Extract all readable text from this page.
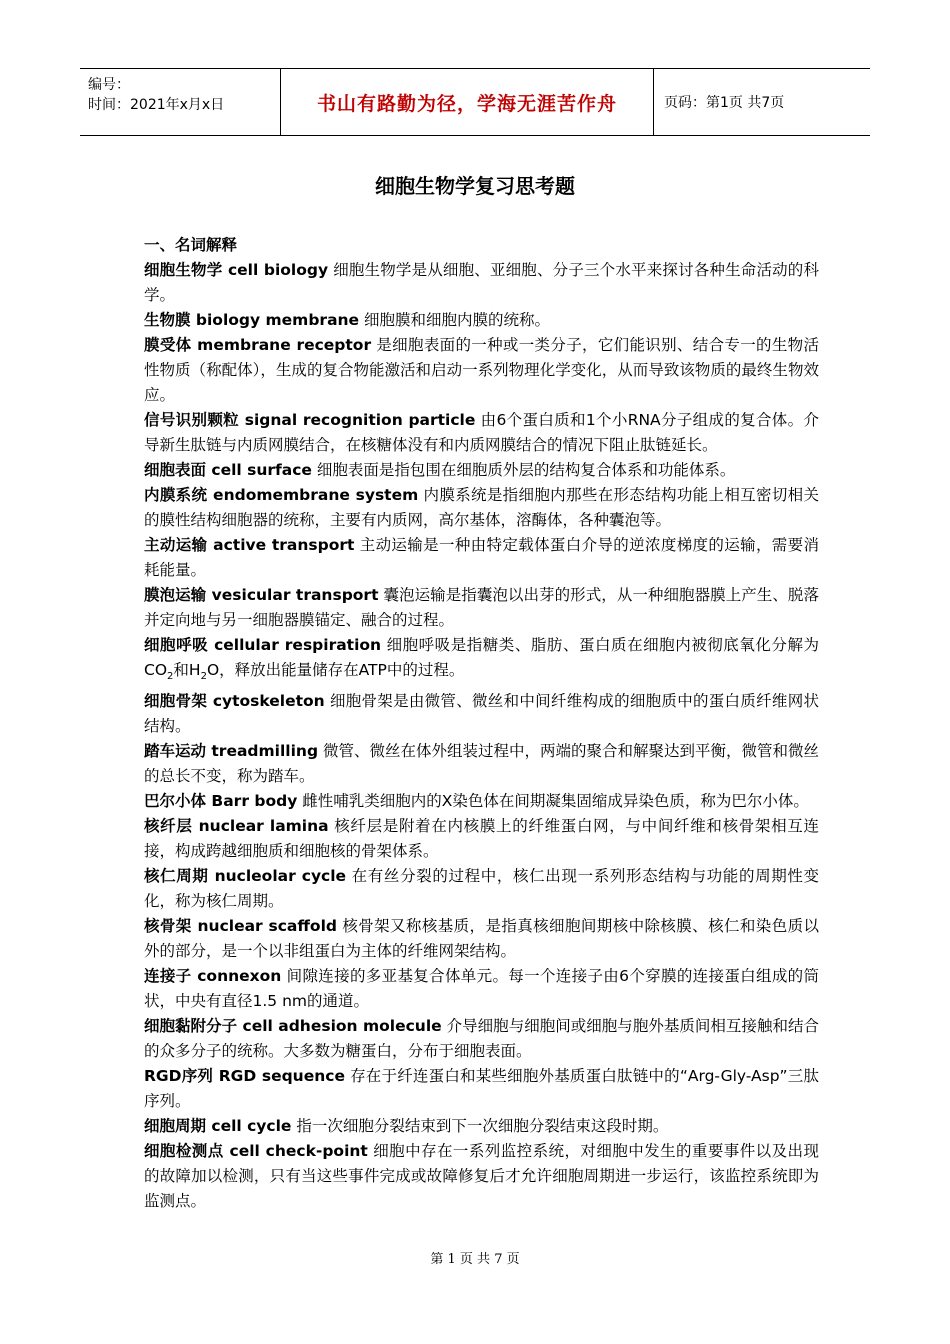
编号：
时间：2021年x月x日	书山有路勤为径，学海无涯苦作舟	页码：第1页 共7页
细胞生物学复习思考题
一、名词解释
细胞生物学 cell biology 细胞生物学是从细胞、亚细胞、分子三个水平来探讨各种生命活动的科学。
生物膜 biology membrane 细胞膜和细胞内膜的统称。
膜受体 membrane receptor 是细胞表面的一种或一类分子，它们能识别、结合专一的生物活性物质（称配体），生成的复合物能激活和启动一系列物理化学变化，从而导致该物质的最终生物效应。
信号识别颗粒 signal recognition particle 由6个蛋白质和1个小RNA分子组成的复合体。介导新生肽链与内质网膜结合，在核糖体没有和内质网膜结合的情况下阻止肽链延长。
细胞表面 cell surface 细胞表面是指包围在细胞质外层的结构复合体系和功能体系。
内膜系统 endomembrane system 内膜系统是指细胞内那些在形态结构功能上相互密切相关的膜性结构细胞器的统称，主要有内质网，高尔基体，溶酶体，各种囊泡等。
主动运输 active transport 主动运输是一种由特定载体蛋白介导的逆浓度梯度的运输，需要消耗能量。
膜泡运输 vesicular transport 囊泡运输是指囊泡以出芽的形式，从一种细胞器膜上产生、脱落并定向地与另一细胞器膜锚定、融合的过程。
细胞呼吸 cellular respiration 细胞呼吸是指糖类、脂肪、蛋白质在细胞内被彻底氧化分解为$CO_2$和$H_2O$，释放出能量储存在ATP中的过程。
细胞骨架 cytoskeleton 细胞骨架是由微管、微丝和中间纤维构成的细胞质中的蛋白质纤维网状结构。
踏车运动 treadmilling 微管、微丝在体外组装过程中，两端的聚合和解聚达到平衡，微管和微丝的总长不变，称为踏车。
巴尔小体 Barr body 雌性哺乳类细胞内的X染色体在间期凝集固缩成异染色质，称为巴尔小体。
核纤层 nuclear lamina 核纤层是附着在内核膜上的纤维蛋白网，与中间纤维和核骨架相互连接，构成跨越细胞质和细胞核的骨架体系。
核仁周期 nucleolar cycle 在有丝分裂的过程中，核仁出现一系列形态结构与功能的周期性变化，称为核仁周期。
核骨架 nuclear scaffold 核骨架又称核基质，是指真核细胞间期核中除核膜、核仁和染色质以外的部分，是一个以非组蛋白为主体的纤维网架结构。
连接子 connexon 间隙连接的多亚基复合体单元。每一个连接子由6个穿膜的连接蛋白组成的筒状，中央有直径1.5 nm的通道。
细胞黏附分子 cell adhesion molecule 介导细胞与细胞间或细胞与胞外基质间相互接触和结合的众多分子的统称。大多数为糖蛋白，分布于细胞表面。
RGD序列 RGD sequence 存在于纤连蛋白和某些细胞外基质蛋白肽链中的“Arg-Gly-Asp”三肽序列。
细胞周期 cell cycle 指一次细胞分裂结束到下一次细胞分裂结束这段时期。
细胞检测点 cell check-point 细胞中存在一系列监控系统，对细胞中发生的重要事件以及出现的故障加以检测，只有当这些事件完成或故障修复后才允许细胞周期进一步运行，该监控系统即为监测点。
第 1 页 共 7 页
